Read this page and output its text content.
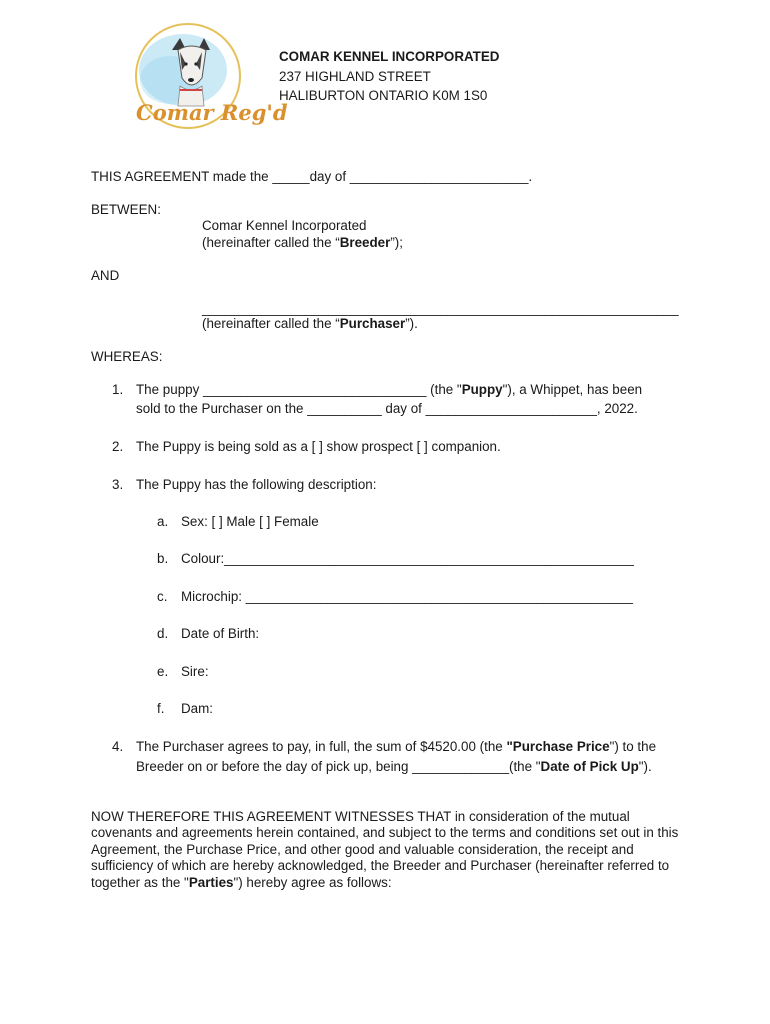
Comar Reg'd
COMAR KENNEL INCORPORATED
237 HIGHLAND STREET
HALIBURTON ONTARIO K0M 1S0
THIS AGREEMENT made the _____day of ________________________.
BETWEEN:
Comar Kennel Incorporated
(hereinafter called the “Breeder”);
AND
________________________________________________________________
(hereinafter called the “Purchaser”).
WHEREAS:
1. The puppy ______________________________ (the "Puppy"), a Whippet, has been
sold to the Purchaser on the __________ day of _______________________, 2022.
2. The Puppy is being sold as a [ ] show prospect [ ] companion.
3. The Puppy has the following description:
a. Sex: [ ] Male [ ] Female
b. Colour:_______________________________________________________
c. Microchip: ____________________________________________________
d. Date of Birth:
e. Sire:
f. Dam:
4. The Purchaser agrees to pay, in full, the sum of $4520.00 (the "Purchase Price") to the
Breeder on or before the day of pick up, being _____________(the "Date of Pick Up").
NOW THEREFORE THIS AGREEMENT WITNESSES THAT in consideration of the mutual covenants and agreements herein contained, and subject to the terms and conditions set out in this Agreement, the Purchase Price, and other good and valuable consideration, the receipt and sufficiency of which are hereby acknowledged, the Breeder and Purchaser (hereinafter referred to together as the "Parties") hereby agree as follows:
